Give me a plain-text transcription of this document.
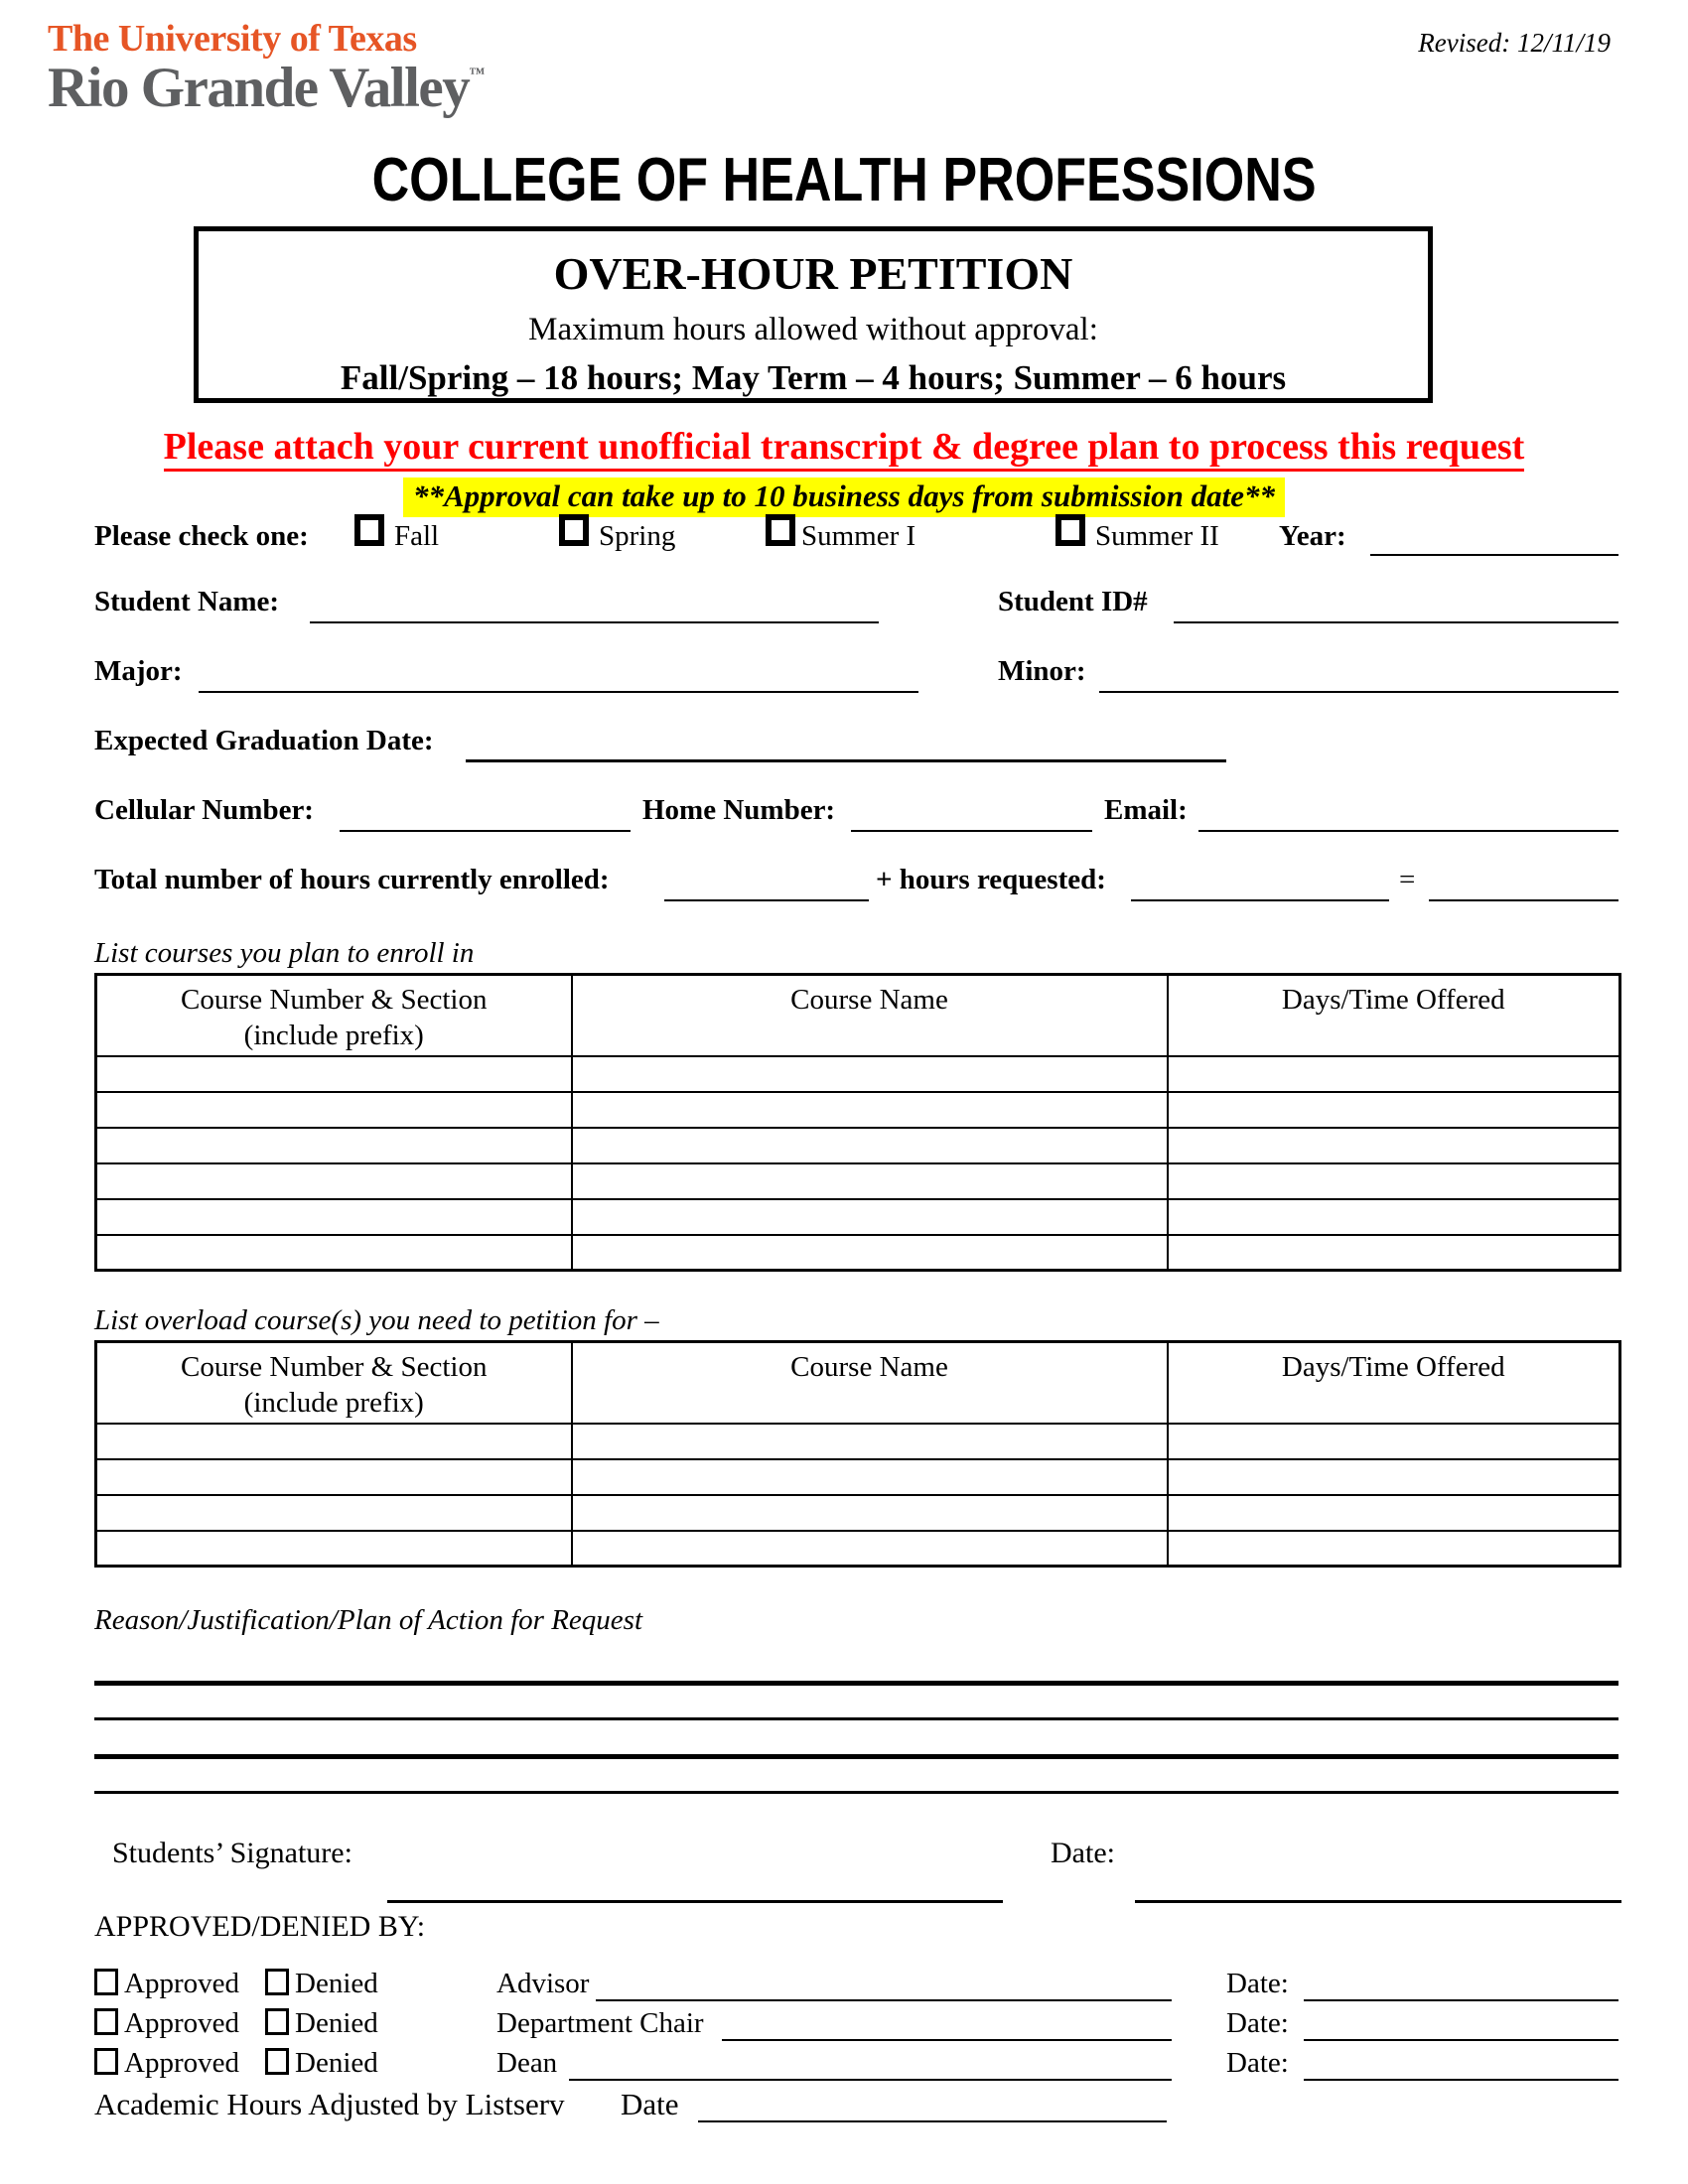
The University of Texas
Rio Grande Valley™
Revised: 12/11/19
COLLEGE OF HEALTH PROFESSIONS
OVER-HOUR PETITION
Maximum hours allowed without approval:
Fall/Spring – 18 hours; May Term – 4 hours; Summer – 6 hours
Please attach your current unofficial transcript & degree plan to process this request
**Approval can take up to 10 business days from submission date**
Please check one:	Fall	Spring	Summer I	Summer II Year:
Student Name:	Student ID#
Major:	Minor:
Expected Graduation Date:
Cellular Number:	Home Number:	Email:
Total number of hours currently enrolled:	+ hours requested:	=
List courses you plan to enroll in
Course Number & Section
(include prefix)	Course Name	Days/Time Offered

List overload course(s) you need to petition for –
Course Number & Section
(include prefix)	Course Name	Days/Time Offered

Reason/Justification/Plan of Action for Request
Students’ Signature:	Date:
APPROVED/DENIED BY:
Approved Denied	Advisor	Date:
Approved Denied	Department Chair	Date:
Approved Denied	Dean	Date:
Academic Hours Adjusted by Listserv Date
